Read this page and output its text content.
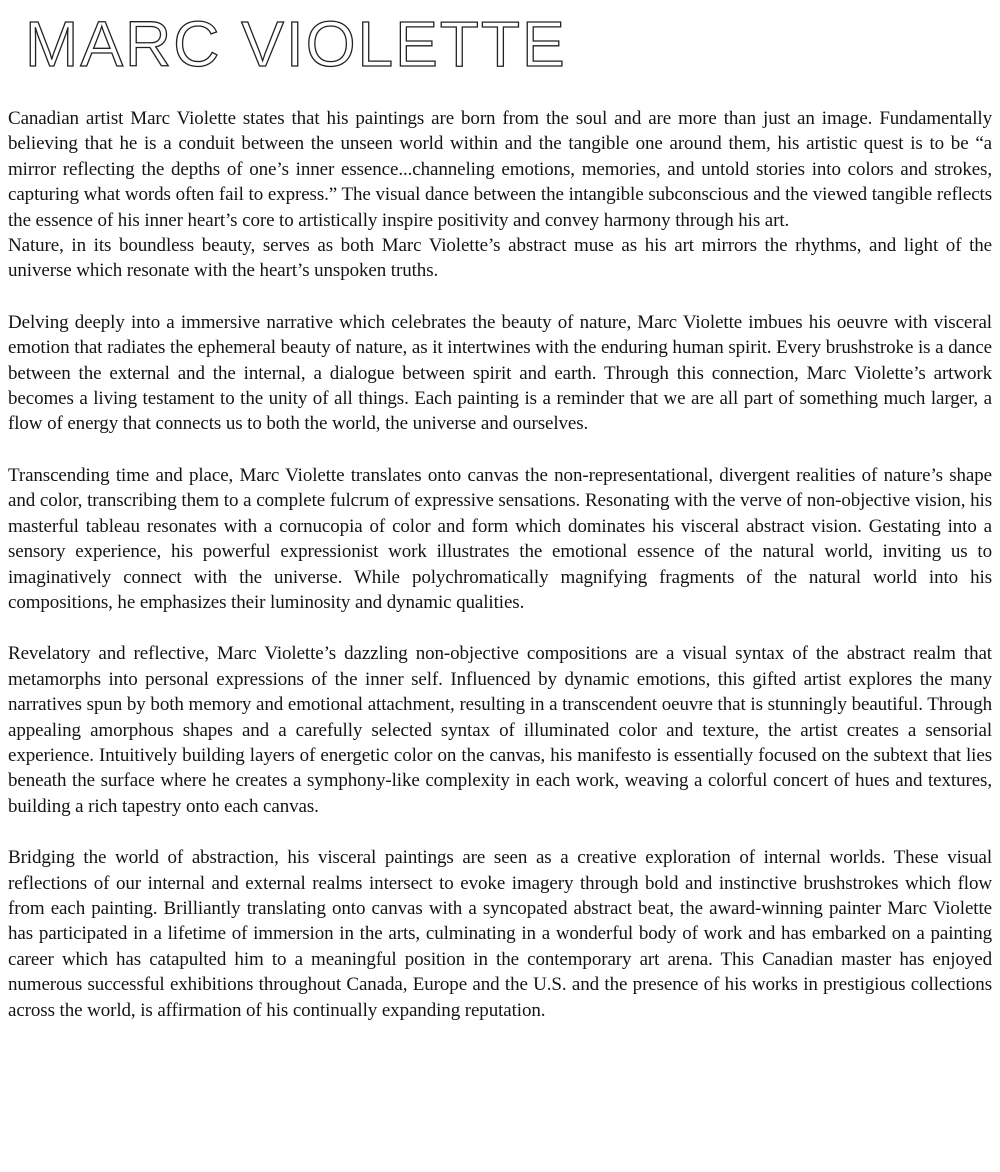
MARC VIOLETTE

Canadian artist Marc Violette states that his paintings are born from the soul and are more than just an image. Fundamentally believing that he is a conduit between the unseen world within and the tangible one around them, his artistic quest is to be “a mirror reflecting the depths of one’s inner essence...channeling emotions, memories, and untold stories into colors and strokes, capturing what words often fail to express.” The visual dance between the intangible subconscious and the viewed tangible reflects the essence of his inner heart’s core to artistically inspire positivity and convey harmony through his art.

Nature, in its boundless beauty, serves as both Marc Violette’s abstract muse as his art mirrors the rhythms, and light of the universe which resonate with the heart’s unspoken truths.

Delving deeply into a immersive narrative which celebrates the beauty of nature, Marc Violette imbues his oeuvre with visceral emotion that radiates the ephemeral beauty of nature, as it intertwines with the enduring human spirit. Every brushstroke is a dance between the external and the internal, a dialogue between spirit and earth. Through this connection, Marc Violette’s artwork becomes a living testament to the unity of all things. Each painting is a reminder that we are all part of something much larger, a flow of energy that connects us to both the world, the universe and ourselves.

Transcending time and place, Marc Violette translates onto canvas the non-representational, divergent realities of nature’s shape and color, transcribing them to a complete fulcrum of expressive sensations. Resonating with the verve of non-objective vision, his masterful tableau resonates with a cornucopia of color and form which dominates his visceral abstract vision. Gestating into a sensory experience, his powerful expressionist work illustrates the emotional essence of the natural world, inviting us to imaginatively connect with the universe. While polychromatically magnifying fragments of the natural world into his compositions, he emphasizes their luminosity and dynamic qualities.

Revelatory and reflective, Marc Violette’s dazzling non-objective compositions are a visual syntax of the abstract realm that metamorphs into personal expressions of the inner self. Influenced by dynamic emotions, this gifted artist explores the many narratives spun by both memory and emotional attachment, resulting in a transcendent oeuvre that is stunningly beautiful. Through appealing amorphous shapes and a carefully selected syntax of illuminated color and texture, the artist creates a sensorial experience. Intuitively building layers of energetic color on the canvas, his manifesto is essentially focused on the subtext that lies beneath the surface where he creates a symphony-like complexity in each work, weaving a colorful concert of hues and textures, building a rich tapestry onto each canvas.

Bridging the world of abstraction, his visceral paintings are seen as a creative exploration of internal worlds. These visual reflections of our internal and external realms intersect to evoke imagery through bold and instinctive brushstrokes which flow from each painting. Brilliantly translating onto canvas with a syncopated abstract beat, the award-winning painter Marc Violette has participated in a lifetime of immersion in the arts, culminating in a wonderful body of work and has embarked on a painting career which has catapulted him to a meaningful position in the contemporary art arena. This Canadian master has enjoyed numerous successful exhibitions throughout Canada, Europe and the U.S. and the presence of his works in prestigious collections across the world, is affirmation of his continually expanding reputation.
